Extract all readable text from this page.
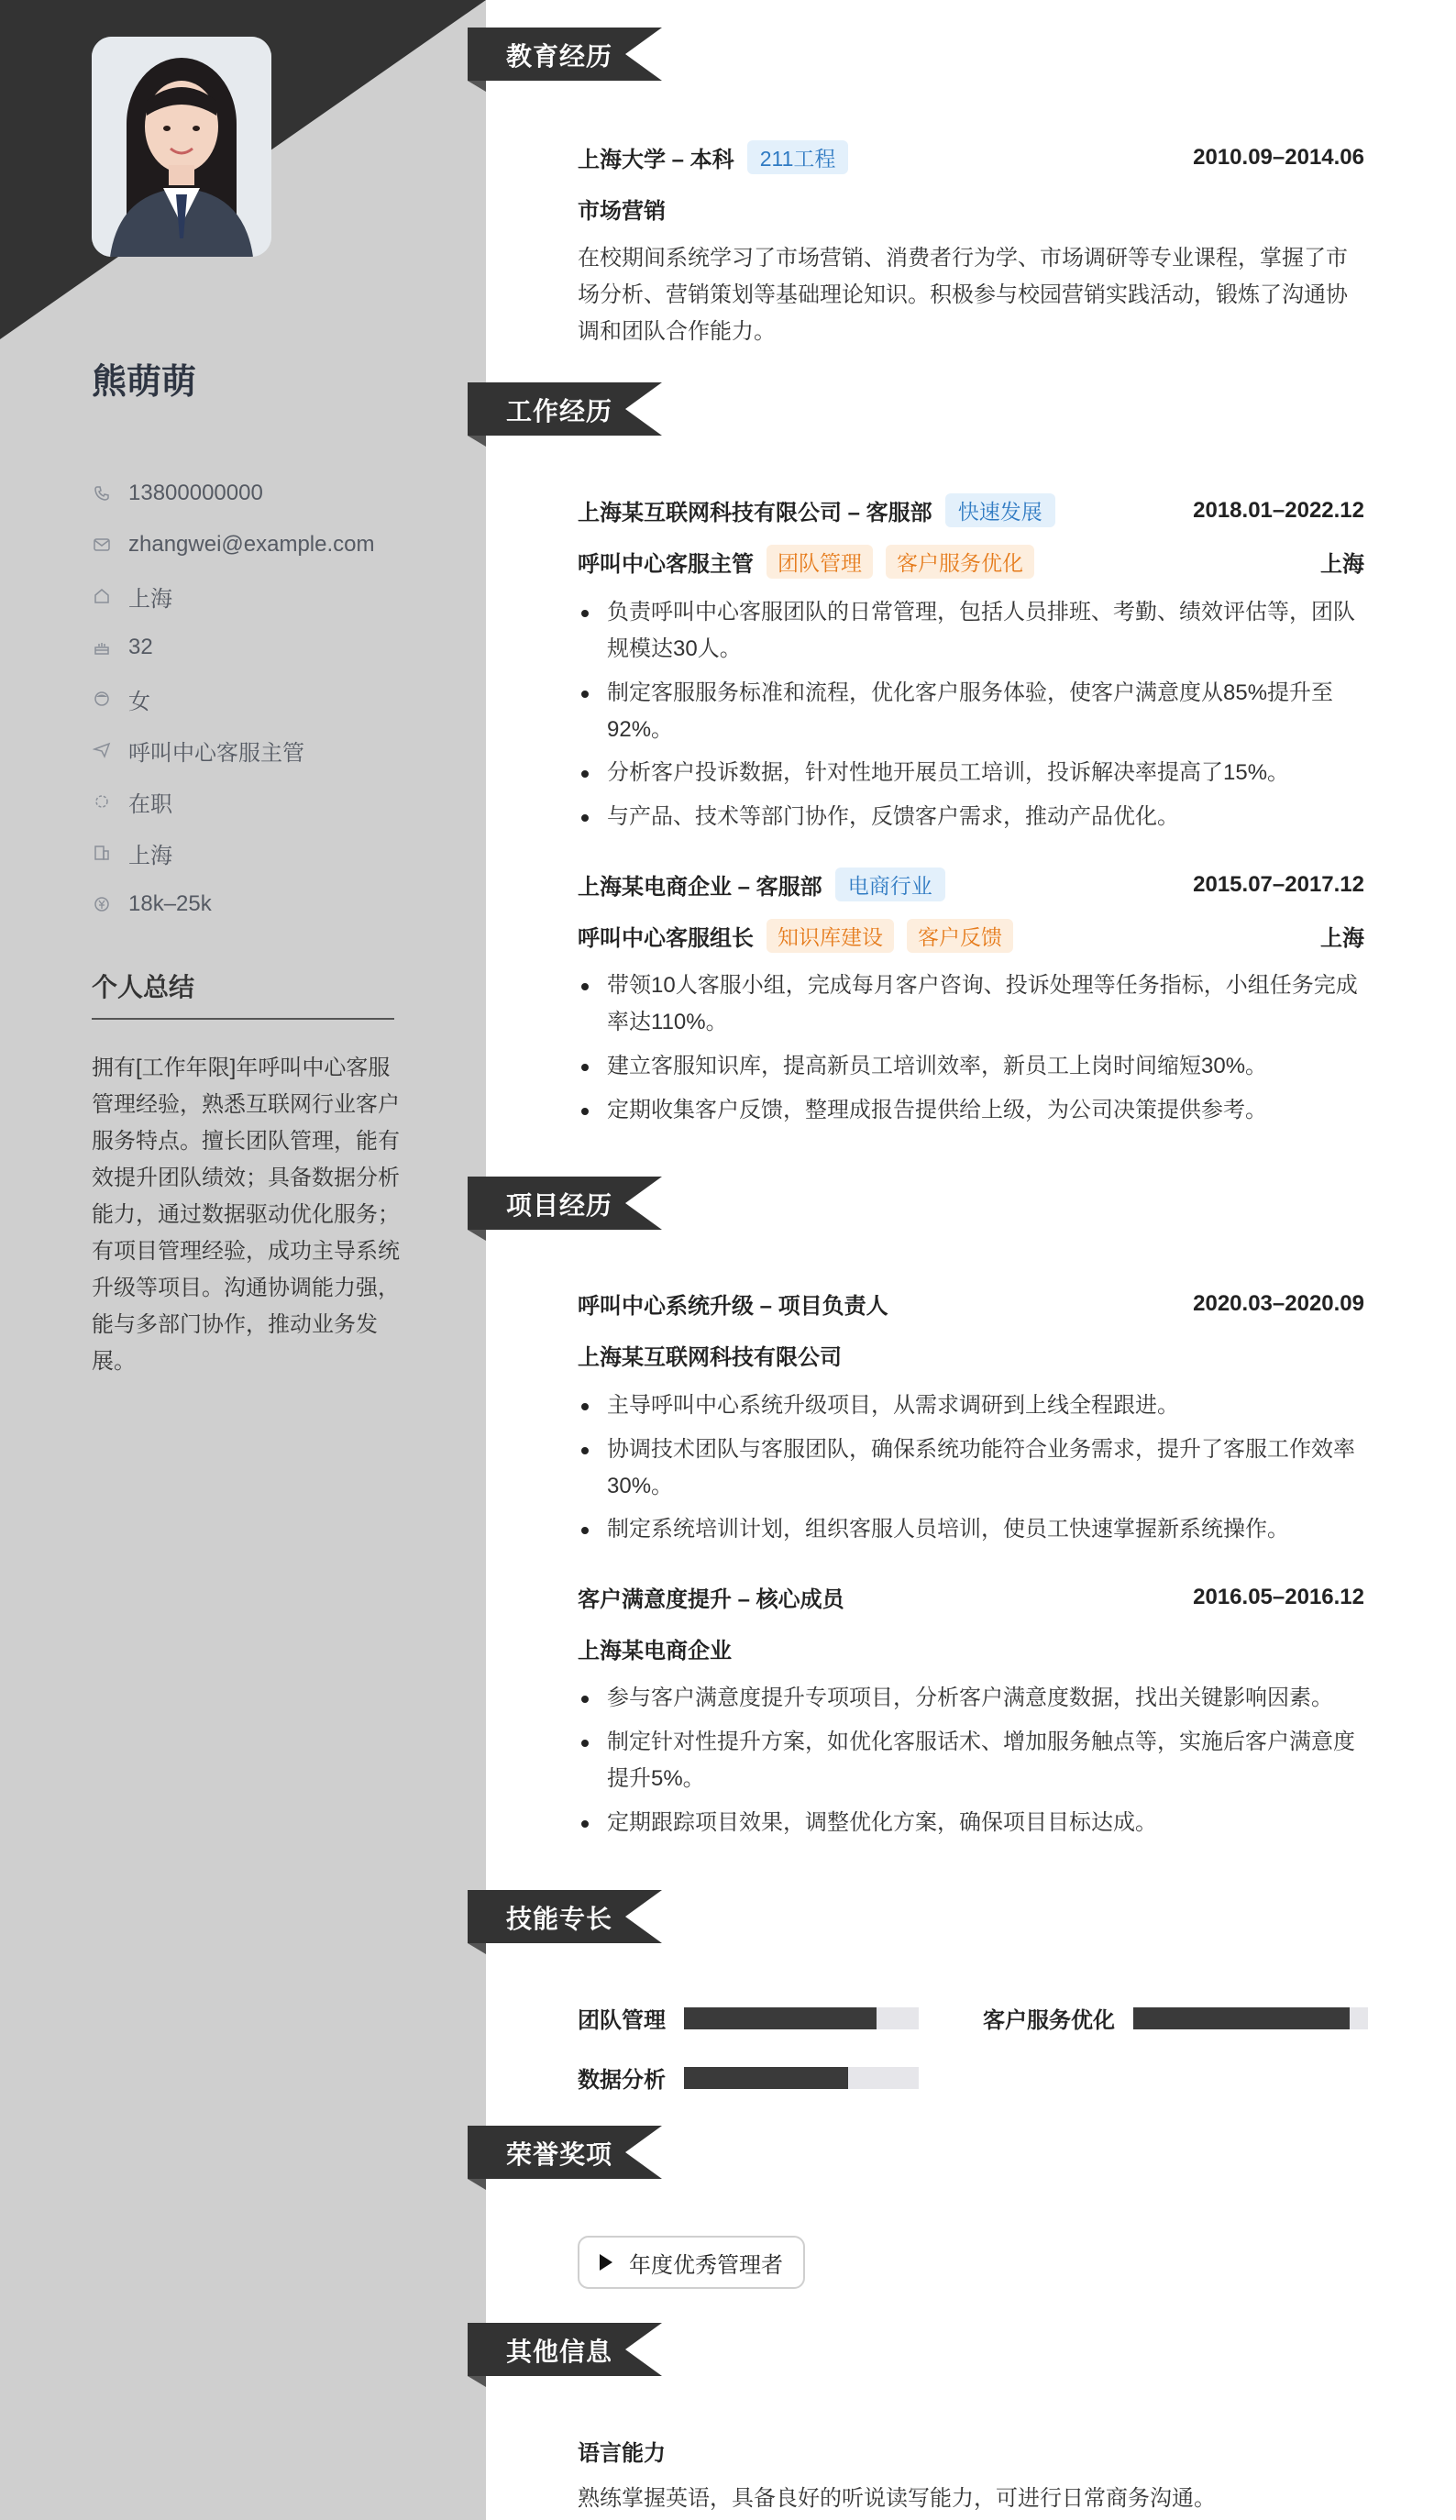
熊萌萌
13800000000
zhangwei@example.com
上海
32
女
呼叫中心客服主管
在职
上海
18k–25k
个人总结
拥有[工作年限]年呼叫中心客服管理经验，熟悉互联网行业客户服务特点。擅长团队管理，能有效提升团队绩效；具备数据分析能力，通过数据驱动优化服务；有项目管理经验，成功主导系统升级等项目。沟通协调能力强，能与多部门协作，推动业务发展。
教育经历
上海大学 – 本科	211工程	2010.09–2014.06
市场营销
在校期间系统学习了市场营销、消费者行为学、市场调研等专业课程，掌握了市场分析、营销策划等基础理论知识。积极参与校园营销实践活动，锻炼了沟通协调和团队合作能力。
工作经历
上海某互联网科技有限公司 – 客服部	快速发展	2018.01–2022.12
呼叫中心客服主管	团队管理	客户服务优化	上海
负责呼叫中心客服团队的日常管理，包括人员排班、考勤、绩效评估等，团队规模达30人。
制定客服服务标准和流程，优化客户服务体验，使客户满意度从85%提升至92%。
分析客户投诉数据，针对性地开展员工培训，投诉解决率提高了15%。
与产品、技术等部门协作，反馈客户需求，推动产品优化。
上海某电商企业 – 客服部	电商行业	2015.07–2017.12
呼叫中心客服组长	知识库建设	客户反馈	上海
带领10人客服小组，完成每月客户咨询、投诉处理等任务指标，小组任务完成率达110%。
建立客服知识库，提高新员工培训效率，新员工上岗时间缩短30%。
定期收集客户反馈，整理成报告提供给上级，为公司决策提供参考。
项目经历
呼叫中心系统升级 – 项目负责人	2020.03–2020.09
上海某互联网科技有限公司
主导呼叫中心系统升级项目，从需求调研到上线全程跟进。
协调技术团队与客服团队，确保系统功能符合业务需求，提升了客服工作效率30%。
制定系统培训计划，组织客服人员培训，使员工快速掌握新系统操作。
客户满意度提升 – 核心成员	2016.05–2016.12
上海某电商企业
参与客户满意度提升专项项目，分析客户满意度数据，找出关键影响因素。
制定针对性提升方案，如优化客服话术、增加服务触点等，实施后客户满意度提升5%。
定期跟踪项目效果，调整优化方案，确保项目目标达成。
技能专长
团队管理	客户服务优化
数据分析
荣誉奖项
年度优秀管理者
其他信息
语言能力
熟练掌握英语，具备良好的听说读写能力，可进行日常商务沟通。
